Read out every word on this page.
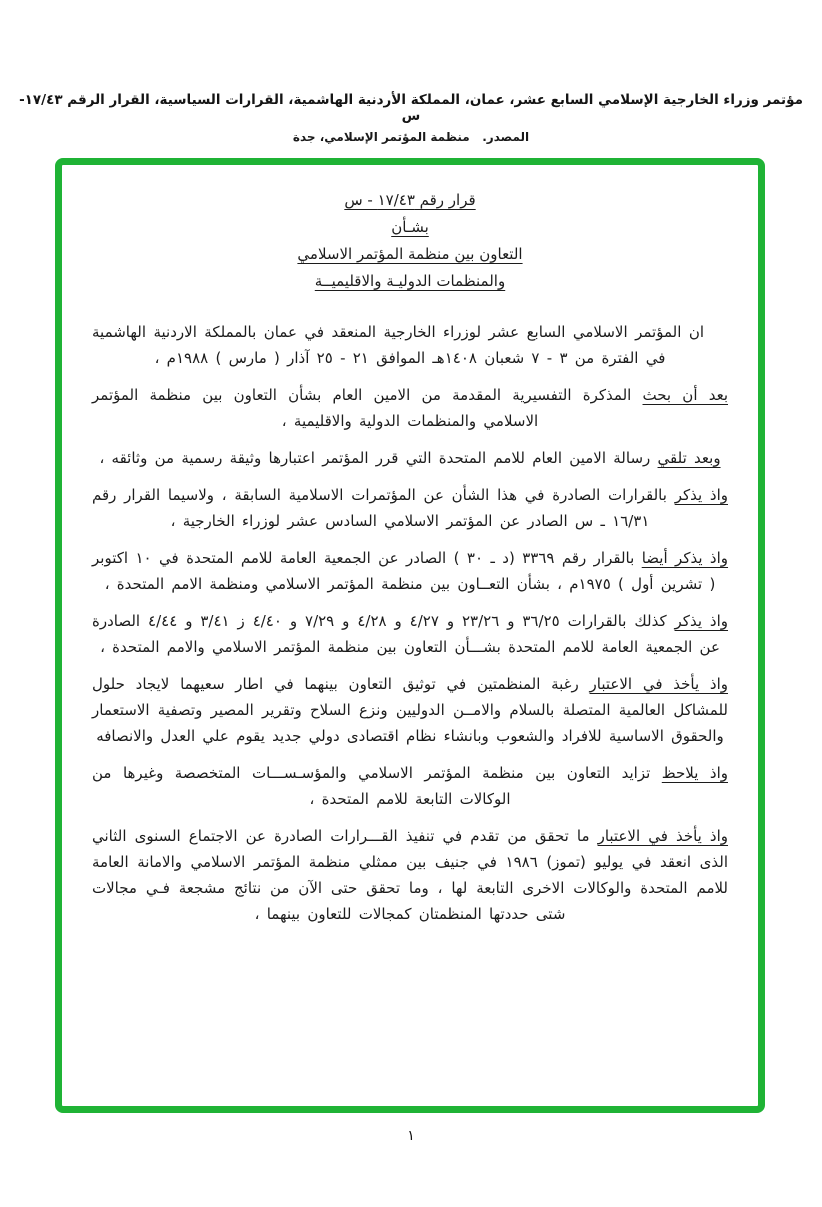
مؤتمر وزراء الخارجية الإسلامي السابع عشر، عمان، المملكة الأردنية الهاشمية، القرارات السياسية، القرار الرقم ١٧/٤٣-س
المصدر.   منظمة المؤتمر الإسلامي، جدة
قرار رقم ١٧/٤٣ - س
بشـأن
التعاون بين منظمة المؤتمر الاسلامي
والمنظمات الدوليـة والاقليميــة

ان المؤتمر الاسلامي السابع عشر لوزراء الخارجية المنعقد في عمان بالمملكة الاردنية الهاشمية في الفترة من ٣ - ٧ شعبان ١٤٠٨هـ الموافق ٢١ - ٢٥ آذار ( مارس ) ١٩٨٨م ،

بعد أن بحث المذكرة التفسيرية المقدمة من الامين العام بشأن التعاون بين منظمة المؤتمر الاسلامي والمنظمات الدولية والاقليمية ،

وبعد تلقي رسالة الامين العام للامم المتحدة التي قرر المؤتمر اعتبارها وثيقة رسمية من وثائقه ،

واذ يذكر بالقرارات الصادرة في هذا الشأن عن المؤتمرات الاسلامية السابقة ، ولاسيما القرار رقم ١٦/٣١ ـ س الصادر عن المؤتمر الاسلامي السادس عشر لوزراء الخارجية ،

واذ يذكر أيضا بالقرار رقم ٣٣٦٩ (د ـ ٣٠ ) الصادر عن الجمعية العامة للامم المتحدة في ١٠ اكتوبر ( تشرين أول ) ١٩٧٥م ، بشأن التعــاون بين منظمة المؤتمر الاسلامي ومنظمة الامم المتحدة ،

واذ يذكر كذلك بالقرارات ٣٦/٢٥ و ٢٣/٢٦ و ٤/٢٧ و ٤/٢٨ و ٧/٢٩ و ٤/٤٠ ز ٣/٤١ و ٤/٤٤ الصادرة عن الجمعية العامة للامم المتحدة بشـــأن التعاون بين منظمة المؤتمر الاسلامي والامم المتحدة ،

واذ يأخذ في الاعتبار رغبة المنظمتين في توثيق التعاون بينهما في اطار سعيهما لايجاد حلول للمشاكل العالمية المتصلة بالسلام والامــن الدوليين ونزع السلاح وتقرير المصير وتصفية الاستعمار والحقوق الاساسية للافراد والشعوب وبانشاء نظام اقتصادى دولي جديد يقوم علي العدل والانصافه

واذ يلاحظ تزايد التعاون بين منظمة المؤتمر الاسلامي والمؤسـســـات المتخصصة وغيرها من الوكالات التابعة للامم المتحدة ،

واذ يأخذ في الاعتبار ما تحقق من تقدم في تنفيذ القـــرارات الصادرة عن الاجتماع السنوى الثاني الذى انعقد في يوليو (تموز) ١٩٨٦ في جنيف بين ممثلي منظمة المؤتمر الاسلامي والامانة العامة للامم المتحدة والوكالات الاخرى التابعة لها ، وما تحقق حتى الآن من نتائج مشجعة فـي مجالات شتى حددتها المنظمتان كمجالات للتعاون بينهما ،

١
